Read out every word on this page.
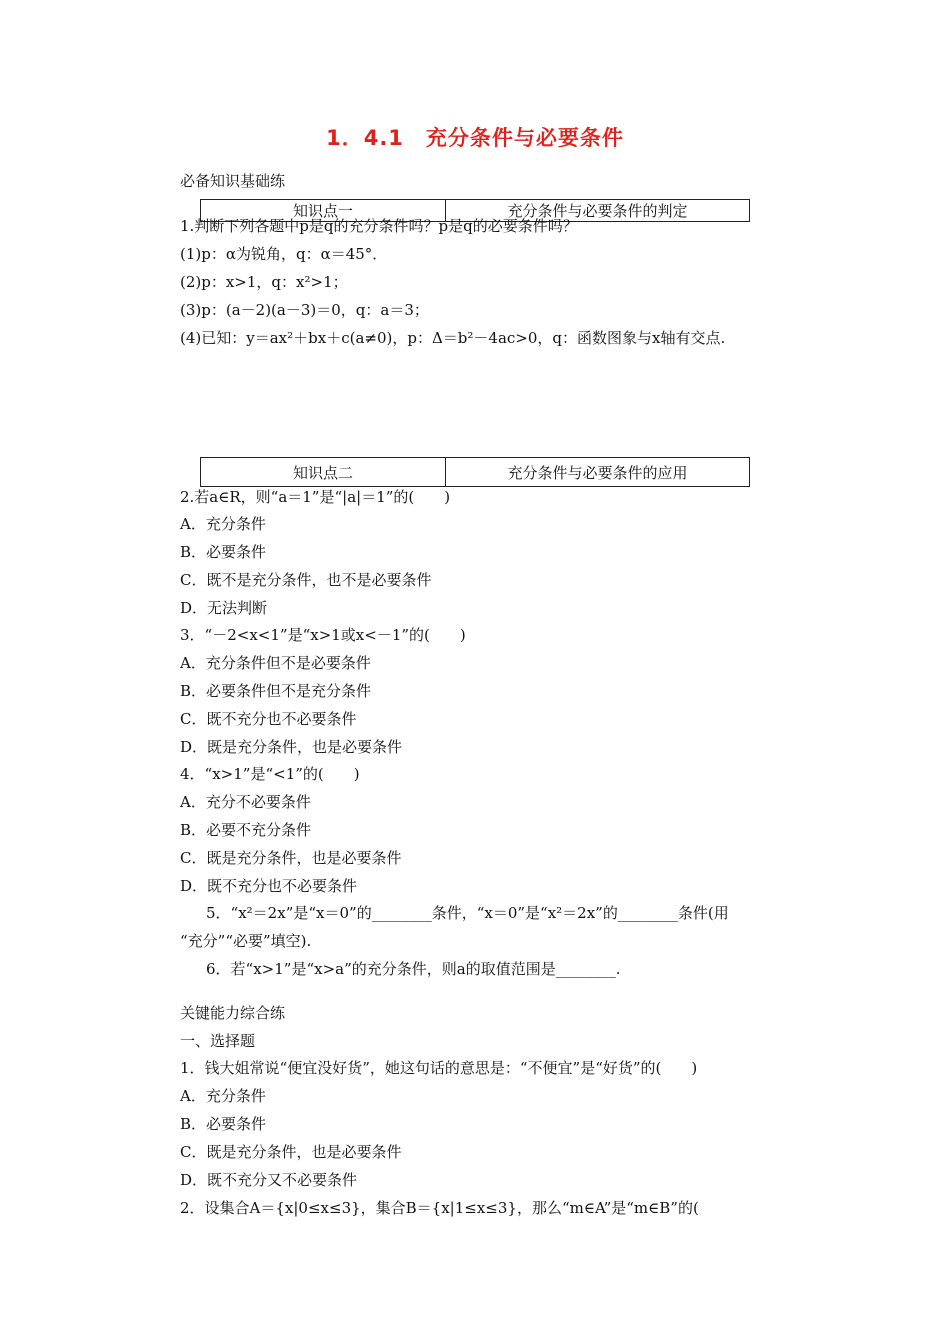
1．4.1　充分条件与必要条件
必备知识基础练
知识点一	充分条件与必要条件的判定
1.判断下列各题中p是q的充分条件吗？p是q的必要条件吗？
(1)p：α为锐角，q：α＝45°．
(2)p：x>1，q：x²>1；
(3)p：(a－2)(a－3)＝0，q：a＝3；
(4)已知：y＝ax²＋bx＋c(a≠0)，p：Δ＝b²－4ac>0，q：函数图象与x轴有交点.
知识点二	充分条件与必要条件的应用
2.若a∈R，则“a＝1”是“|a|＝1”的(　　)
A．充分条件
B．必要条件
C．既不是充分条件，也不是必要条件
D．无法判断
3．“－2<x<1”是“x>1或x<－1”的(　　)
A．充分条件但不是必要条件
B．必要条件但不是充分条件
C．既不充分也不必要条件
D．既是充分条件，也是必要条件
4．“x>1”是“<1”的(　　)
A．充分不必要条件
B．必要不充分条件
C．既是充分条件，也是必要条件
D．既不充分也不必要条件
5．“x²＝2x”是“x＝0”的________条件，“x＝0”是“x²＝2x”的________条件(用
“充分”“必要”填空).
6．若“x>1”是“x>a”的充分条件，则a的取值范围是________.
关键能力综合练
一、选择题
1．钱大姐常说“便宜没好货”，她这句话的意思是：“不便宜”是“好货”的(　　)
A．充分条件
B．必要条件
C．既是充分条件，也是必要条件
D．既不充分又不必要条件
2．设集合A＝{x|0≤x≤3}，集合B＝{x|1≤x≤3}，那么“m∈A”是“m∈B”的(
